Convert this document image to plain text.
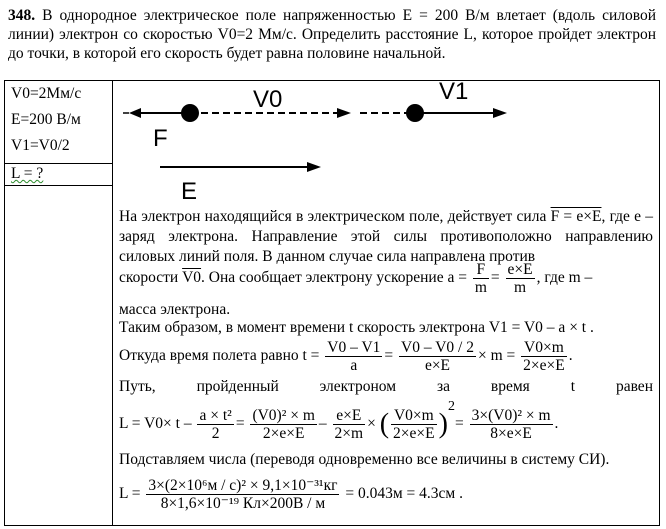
348. В однородное электрическое поле напряженностью E = 200 В/м влетает (вдоль силовой линии) электрон со скоростью V0=2 Мм/с. Определить расстояние L, которое пройдет электрон до точки, в которой его скорость будет равна половине начальной.
V0=2Мм/с
E=200 В/м
V1=V0/2
L = ?
V0	V1
F
E
На электрон находящийся в электрическом поле, действует сила F = e×E, где e – заряд электрона. Направление этой силы противоположно направлению силовых линий поля. В данном случае сила направлена против
скорости V0. Она сообщает электрону ускорение $a = \frac{F}{m} = \frac{e\times E}{m}$ , где m –
масса электрона.
Таким образом, в момент времени t скорость электрона V1 = V0 – a × t .
Откуда время полета равно $t = \frac{V0 - V1}{a} = \frac{V0 - V0 / 2}{e\times E} \times m = \frac{V0\times m}{2\times e\times E}$ .
Путь, пройденный электроном за время t равен
$L = V0\times t - \frac{\text{a × t²}}{2} = \frac{\text{(V0)² × m}}{2\times e\times E} - \frac{e\times E}{2\times m}$ × ( $\frac{V0\times m}{2\times e\times E} )^2= \frac{\text{3×(V0)² × m}}{8\times e\times E}$ .
Подставляем числа (переводя одновременно все величины в систему СИ).
$L = \frac{\text{3×(2×10⁶м / с)² × 9,1×10⁻³¹кг}}{\text{8×1,6×10⁻¹⁹ Кл×200В / м}} = 0.043м = 4.3см$ .
